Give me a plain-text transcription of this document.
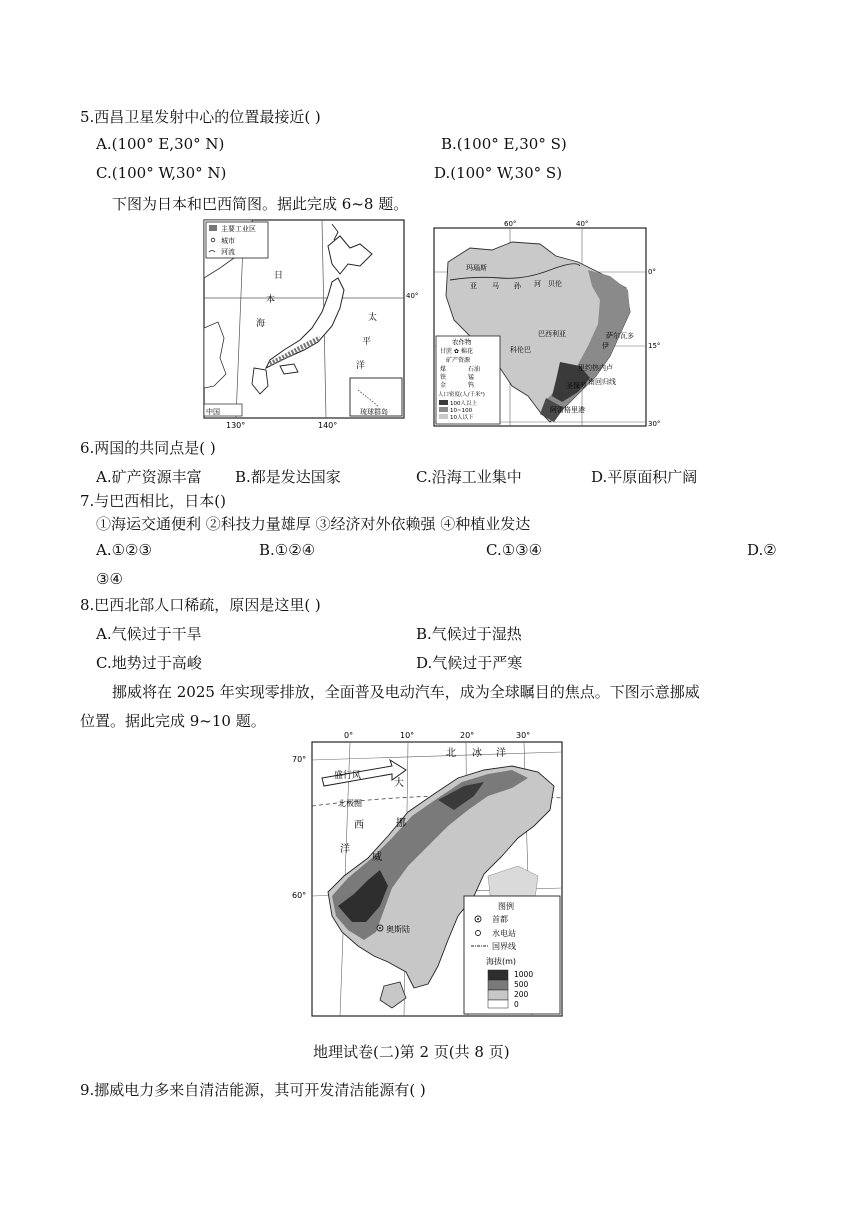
5.西昌卫星发射中心的位置最接近( )
A.(100° E,30° N)	B.(100° E,30° S)
C.(100° W,30° N)	D.(100° W,30° S)
下图为日本和巴西简图。据此完成 6~8 题。
主要工业区
城市
河流
日
本
海
太
平
洋
中国	琉球群岛
40°
130°	140°
农作物
甘蔗 ✿ 棉花
矿产资源
煤	石油
铁	锰
金	钨
人口密度(人/千米²)
100人以上
10~100
10人以下
60°	40°
0°
15°
30°
玛瑙斯
亚 马 孙 河 贝伦
巴西利亚
科伦巴
萨尔瓦多
伊
里约热内卢
圣保罗 南回归线
阿雷格里港
6.两国的共同点是( )
A.矿产资源丰富 B.都是发达国家	C.沿海工业集中	D.平原面积广阔
7.与巴西相比，日本()
①海运交通便利 ②科技力量雄厚 ③经济对外依赖强 ④种植业发达
A.①②③	B.①②④	C.①③④	D.②
③④
8.巴西北部人口稀疏，原因是这里( )
A.气候过于干旱	B.气候过于湿热
C.地势过于高峻	D.气候过于严寒
挪威将在 2025 年实现零排放，全面普及电动汽车，成为全球瞩目的焦点。下图示意挪威
位置。据此完成 9~10 题。
图例
首都
水电站
国界线
海拔(m)
1000
500
200
0
0°	10°	20°	30°
70°
60°
北 冰 洋
盛行风
大
北极圈
挪
西
洋
威
奥斯陆
地理试卷(二)第 2 页(共 8 页)
9.挪威电力多来自清洁能源，其可开发清洁能源有( )
